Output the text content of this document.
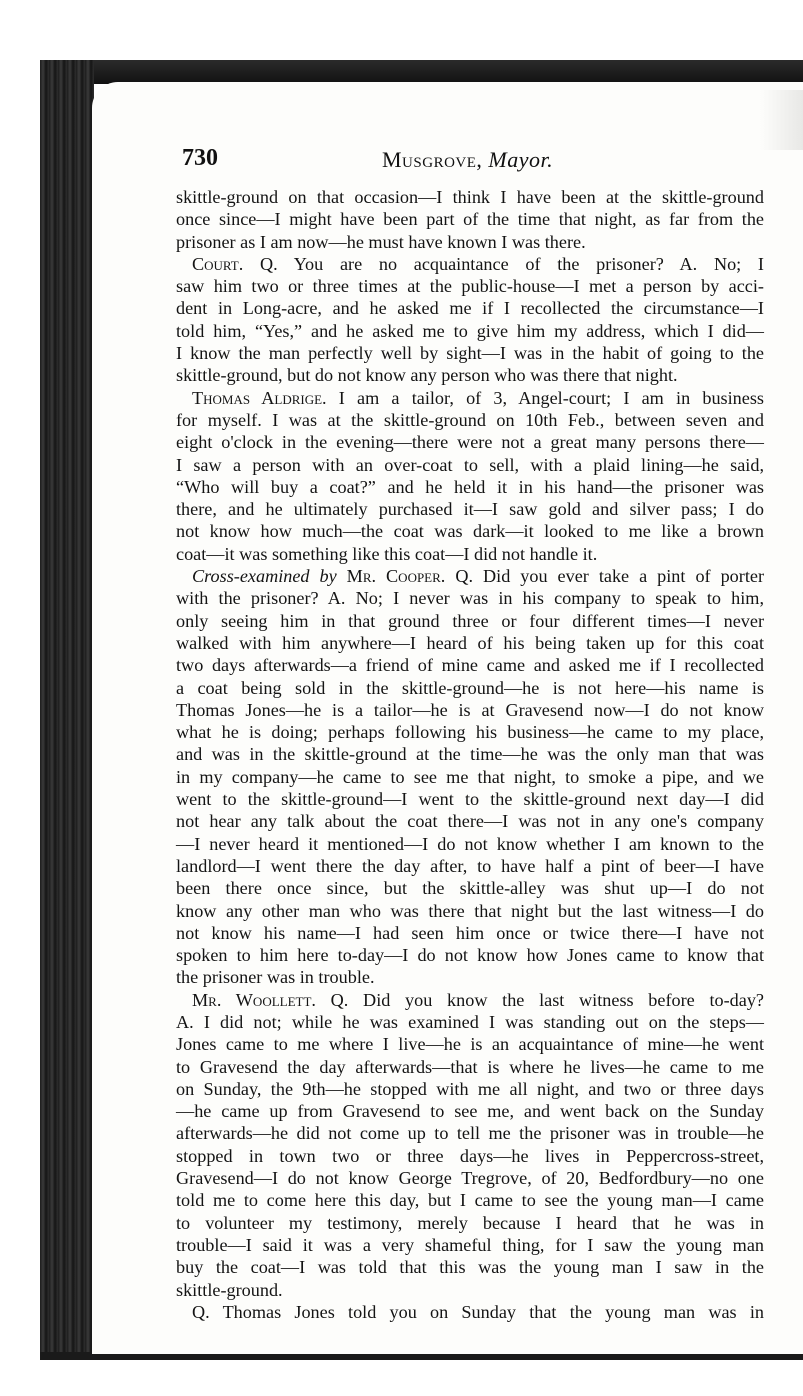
730	Musgrove, Mayor.
skittle-ground on that occasion—I think I have been at the skittle-ground
once since—I might have been part of the time that night, as far from the
prisoner as I am now—he must have known I was there.
Court. Q. You are no acquaintance of the prisoner? A. No; I
saw him two or three times at the public-house—I met a person by acci-
dent in Long-acre, and he asked me if I recollected the circumstance—I
told him, “Yes,” and he asked me to give him my address, which I did—
I know the man perfectly well by sight—I was in the habit of going to the
skittle-ground, but do not know any person who was there that night.
Thomas Aldrige. I am a tailor, of 3, Angel-court; I am in business
for myself. I was at the skittle-ground on 10th Feb., between seven and
eight o'clock in the evening—there were not a great many persons there—
I saw a person with an over-coat to sell, with a plaid lining—he said,
“Who will buy a coat?” and he held it in his hand—the prisoner was
there, and he ultimately purchased it—I saw gold and silver pass; I do
not know how much—the coat was dark—it looked to me like a brown
coat—it was something like this coat—I did not handle it.
Cross-examined by Mr. Cooper. Q. Did you ever take a pint of porter
with the prisoner? A. No; I never was in his company to speak to him,
only seeing him in that ground three or four different times—I never
walked with him anywhere—I heard of his being taken up for this coat
two days afterwards—a friend of mine came and asked me if I recollected
a coat being sold in the skittle-ground—he is not here—his name is
Thomas Jones—he is a tailor—he is at Gravesend now—I do not know
what he is doing; perhaps following his business—he came to my place,
and was in the skittle-ground at the time—he was the only man that was
in my company—he came to see me that night, to smoke a pipe, and we
went to the skittle-ground—I went to the skittle-ground next day—I did
not hear any talk about the coat there—I was not in any one's company
—I never heard it mentioned—I do not know whether I am known to the
landlord—I went there the day after, to have half a pint of beer—I have
been there once since, but the skittle-alley was shut up—I do not
know any other man who was there that night but the last witness—I do
not know his name—I had seen him once or twice there—I have not
spoken to him here to-day—I do not know how Jones came to know that
the prisoner was in trouble.
Mr. Woollett. Q. Did you know the last witness before to-day?
A. I did not; while he was examined I was standing out on the steps—
Jones came to me where I live—he is an acquaintance of mine—he went
to Gravesend the day afterwards—that is where he lives—he came to me
on Sunday, the 9th—he stopped with me all night, and two or three days
—he came up from Gravesend to see me, and went back on the Sunday
afterwards—he did not come up to tell me the prisoner was in trouble—he
stopped in town two or three days—he lives in Peppercross-street,
Gravesend—I do not know George Tregrove, of 20, Bedfordbury—no one
told me to come here this day, but I came to see the young man—I came
to volunteer my testimony, merely because I heard that he was in
trouble—I said it was a very shameful thing, for I saw the young man
buy the coat—I was told that this was the young man I saw in the
skittle-ground.
Q. Thomas Jones told you on Sunday that the young man was in
